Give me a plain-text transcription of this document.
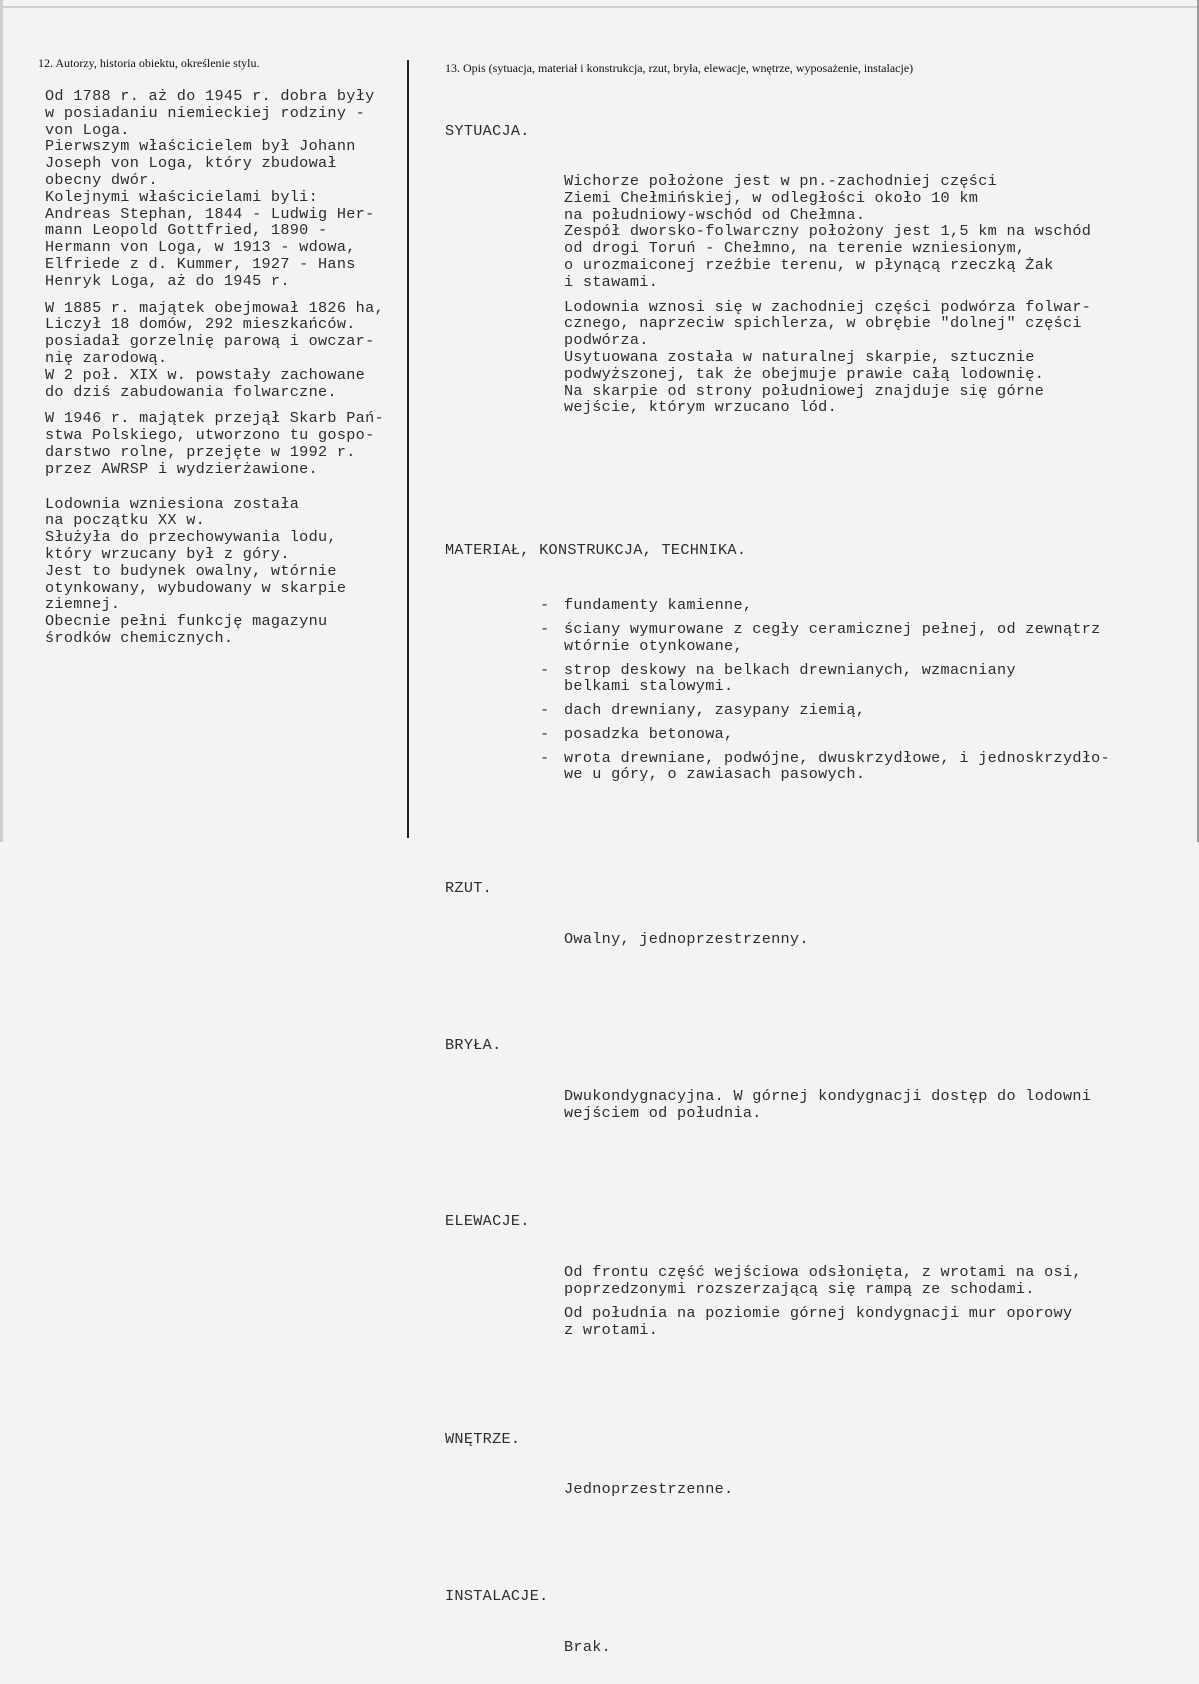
12. Autorzy, historia obiektu, określenie stylu.	13. Opis (sytuacja, materiał i konstrukcja, rzut, bryła, elewacje, wnętrze, wyposażenie, instalacje)
Od 1788 r. aż do 1945 r. dobra były
w posiadaniu niemieckiej rodziny -
von Loga.
Pierwszym właścicielem był Johann
Joseph von Loga, który zbudował
obecny dwór.
Kolejnymi właścicielami byli:
Andreas Stephan, 1844 - Ludwig Her-
mann Leopold Gottfried, 1890 -
Hermann von Loga, w 1913 - wdowa,
Elfriede z d. Kummer, 1927 - Hans
Henryk Loga, aż do 1945 r.
W 1885 r. majątek obejmował 1826 ha,
Liczył 18 domów, 292 mieszkańców.
posiadał gorzelnię parową i owczar-
nię zarodową.
W 2 poł. XIX w. powstały zachowane
do dziś zabudowania folwarczne.
W 1946 r. majątek przejął Skarb Pań-
stwa Polskiego, utworzono tu gospo-
darstwo rolne, przejęte w 1992 r.
przez AWRSP i wydzierżawione.
Lodownia wzniesiona została
na początku XX w.
Służyła do przechowywania lodu,
który wrzucany był z góry.
Jest to budynek owalny, wtórnie
otynkowany, wybudowany w skarpie
ziemnej.
Obecnie pełni funkcję magazynu
środków chemicznych.

SYTUACJA.

Wichorze położone jest w pn.-zachodniej części
Ziemi Chełmińskiej, w odległości około 10 km
na południowy-wschód od Chełmna.
Zespół dworsko-folwarczny położony jest 1,5 km na wschód
od drogi Toruń - Chełmno, na terenie wzniesionym,
o urozmaiconej rzeźbie terenu, w płynącą rzeczką Żak
i stawami.
Lodownia wznosi się w zachodniej części podwórza folwar-
cznego, naprzeciw spichlerza, w obrębie "dolnej" części
podwórza.
Usytuowana została w naturalnej skarpie, sztucznie
podwyższonej, tak że obejmuje prawie całą lodownię.
Na skarpie od strony południowej znajduje się górne
wejście, którym wrzucano lód.

MATERIAŁ, KONSTRUKCJA, TECHNIKA.

- fundamenty kamienne,
- ściany wymurowane z cegły ceramicznej pełnej, od zewnątrz
wtórnie otynkowane,
- strop deskowy na belkach drewnianych, wzmacniany
belkami stalowymi.
- dach drewniany, zasypany ziemią,
- posadzka betonowa,
- wrota drewniane, podwójne, dwuskrzydłowe, i jednoskrzydło-
we u góry, o zawiasach pasowych.

RZUT.

Owalny, jednoprzestrzenny.

BRYŁA.

Dwukondygnacyjna. W górnej kondygnacji dostęp do lodowni
wejściem od południa.

ELEWACJE.

Od frontu część wejściowa odsłonięta, z wrotami na osi,
poprzedzonymi rozszerzającą się rampą ze schodami.
Od południa na poziomie górnej kondygnacji mur oporowy
z wrotami.

WNĘTRZE.

Jednoprzestrzenne.

INSTALACJE.

Brak.
